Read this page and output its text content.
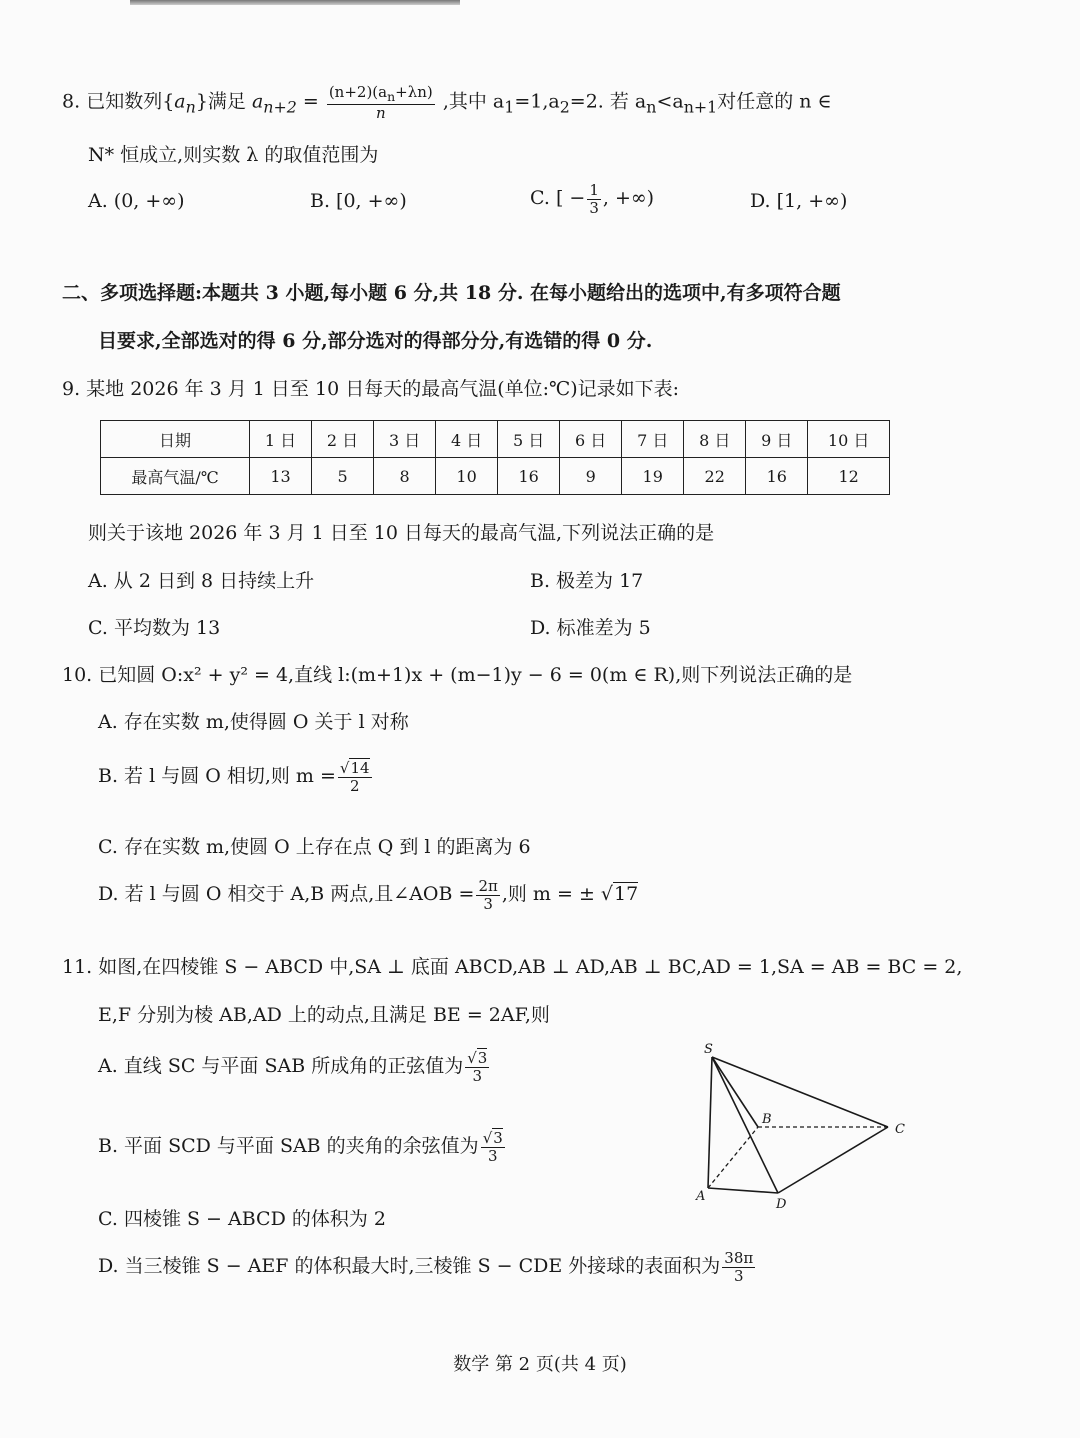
8. 已知数列$\{a_n\}$满足 $a_{n+2} = \frac{(n+2)(a_n+\lambda n)}{n}$ ,其中 $a_1=1,a_2=2$. 若 $a_n<a_{n+1}$对任意的 n ∈
N* 恒成立,则实数 λ 的取值范围为
A. (0, +∞)	B. [0, +∞)	C. [ − $\frac{1}{3}$ , +∞)	D. [1, +∞)
二、多项选择题:本题共 3 小题,每小题 6 分,共 18 分. 在每小题给出的选项中,有多项符合题
目要求,全部选对的得 6 分,部分选对的得部分分,有选错的得 0 分.
9. 某地 2026 年 3 月 1 日至 10 日每天的最高气温(单位:℃)记录如下表:
日期	1 日	2 日	3 日	4 日	5 日	6 日	7 日	8 日	9 日	10 日
最高气温/℃	13	5	8	10	16	9	19	22	16	12
则关于该地 2026 年 3 月 1 日至 10 日每天的最高气温,下列说法正确的是
A. 从 2 日到 8 日持续上升	B. 极差为 17
C. 平均数为 13	D. 标准差为 5
10. 已知圆 O:x² + y² = 4,直线 l:(m+1)x + (m−1)y − 6 = 0(m ∈ R),则下列说法正确的是
A. 存在实数 m,使得圆 O 关于 l 对称
B. 若 l 与圆 O 相切,则 $m = \frac{√14}{2}$
C. 存在实数 m,使圆 O 上存在点 Q 到 l 的距离为 6
D. 若 l 与圆 O 相交于 A,B 两点,且∠AOB = $\frac{2\pi}{3}$ ,则 m = ± √17
11. 如图,在四棱锥 S − ABCD 中,SA ⊥ 底面 ABCD,AB ⊥ AD,AB ⊥ BC,AD = 1,SA = AB = BC = 2,
E,F 分别为棱 AB,AD 上的动点,且满足 BE = 2AF,则
A. 直线 SC 与平面 SAB 所成角的正弦值为 $\frac{√3}{3}$
B. 平面 SCD 与平面 SAB 的夹角的余弦值为 $\frac{√3}{3}$
C. 四棱锥 S − ABCD 的体积为 2
D. 当三棱锥 S − AEF 的体积最大时,三棱锥 S − CDE 外接球的表面积为 $\frac{38\pi}{3}$
S
A
B
C
D
数学 第 2 页(共 4 页)
